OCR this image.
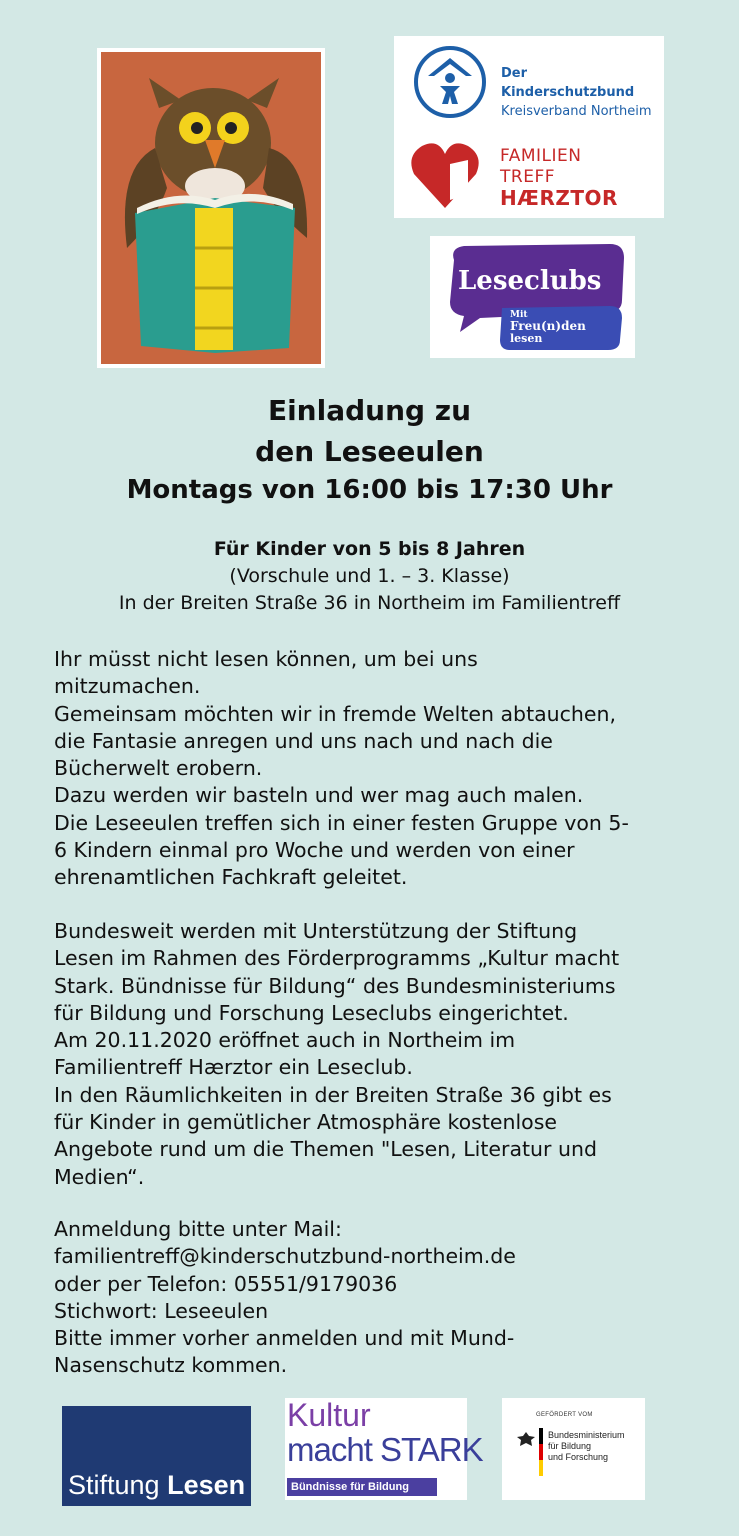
Der Kinderschutzbund
Kreisverband Northeim
FAMILIEN
TREFF
HÆRZTOR
Leseclubs
Mit
Freu(n)den
lesen
Einladung zu
den Leseeulen
Montags von 16:00 bis 17:30 Uhr
Für Kinder von 5 bis 8 Jahren
(Vorschule und 1. – 3. Klasse)
In der Breiten Straße 36 in Northeim im Familientreff

Ihr müsst nicht lesen können, um bei uns

mitzumachen.

Gemeinsam möchten wir in fremde Welten abtauchen,

die Fantasie anregen und uns nach und nach die

Bücherwelt erobern.

Dazu werden wir basteln und wer mag auch malen.

Die Leseeulen treffen sich in einer festen Gruppe von 5-

6 Kindern einmal pro Woche und werden von einer

ehrenamtlichen Fachkraft geleitet.

Bundesweit werden mit Unterstützung der Stiftung

Lesen im Rahmen des Förderprogramms „Kultur macht

Stark. Bündnisse für Bildung“ des Bundesministeriums

für Bildung und Forschung Leseclubs eingerichtet.

Am 20.11.2020 eröffnet auch in Northeim im

Familientreff Hærztor ein Leseclub.

In den Räumlichkeiten in der Breiten Straße 36 gibt es

für Kinder in gemütlicher Atmosphäre kostenlose

Angebote rund um die Themen "Lesen, Literatur und

Medien“.

Anmeldung bitte unter Mail:

familientreff@kinderschutzbund-northeim.de

oder per Telefon: 05551/9179036

Stichwort: Leseeulen

Bitte immer vorher anmelden und mit Mund-

Nasenschutz kommen.

Stiftung Lesen
Kultur
macht STARK
Bündnisse für Bildung
GEFÖRDERT VOM
Bundesministerium
für Bildung
und Forschung
